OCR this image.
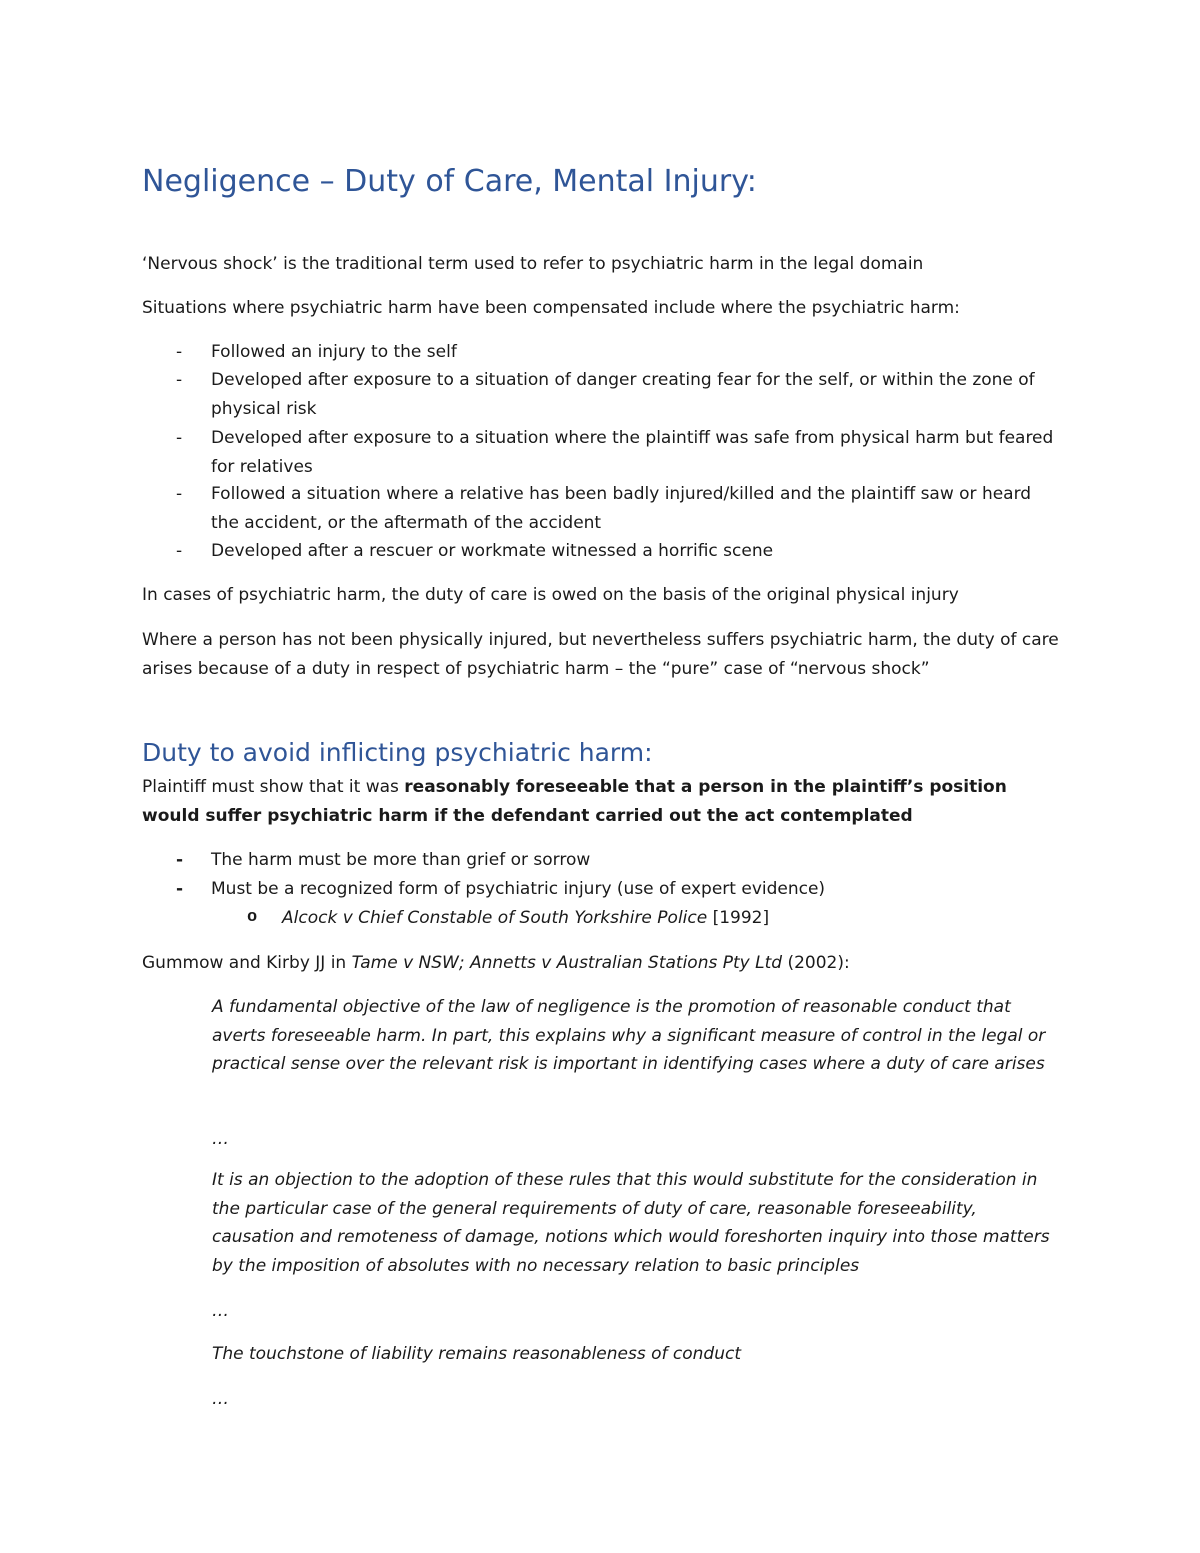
Negligence – Duty of Care, Mental Injury:

‘Nervous shock’ is the traditional term used to refer to psychiatric harm in the legal domain

Situations where psychiatric harm have been compensated include where the psychiatric harm:

- Followed an injury to the self
- Developed after exposure to a situation of danger creating fear for the self, or within the zone of physical risk
- Developed after exposure to a situation where the plaintiff was safe from physical harm but feared for relatives
- Followed a situation where a relative has been badly injured/killed and the plaintiff saw or heard the accident, or the aftermath of the accident
- Developed after a rescuer or workmate witnessed a horrific scene

In cases of psychiatric harm, the duty of care is owed on the basis of the original physical injury

Where a person has not been physically injured, but nevertheless suffers psychiatric harm, the duty of care arises because of a duty in respect of psychiatric harm – the “pure” case of “nervous shock”

Duty to avoid inflicting psychiatric harm:

Plaintiff must show that it was reasonably foreseeable that a person in the plaintiff’s position would suffer psychiatric harm if the defendant carried out the act contemplated

- The harm must be more than grief or sorrow
- Must be a recognized form of psychiatric injury (use of expert evidence)
o Alcock v Chief Constable of South Yorkshire Police [1992]

Gummow and Kirby JJ in Tame v NSW; Annetts v Australian Stations Pty Ltd (2002):

A fundamental objective of the law of negligence is the promotion of reasonable conduct that averts foreseeable harm. In part, this explains why a significant measure of control in the legal or practical sense over the relevant risk is important in identifying cases where a duty of care arises

…

It is an objection to the adoption of these rules that this would substitute for the consideration in the particular case of the general requirements of duty of care, reasonable foreseeability, causation and remoteness of damage, notions which would foreshorten inquiry into those matters by the imposition of absolutes with no necessary relation to basic principles

…

The touchstone of liability remains reasonableness of conduct

…
